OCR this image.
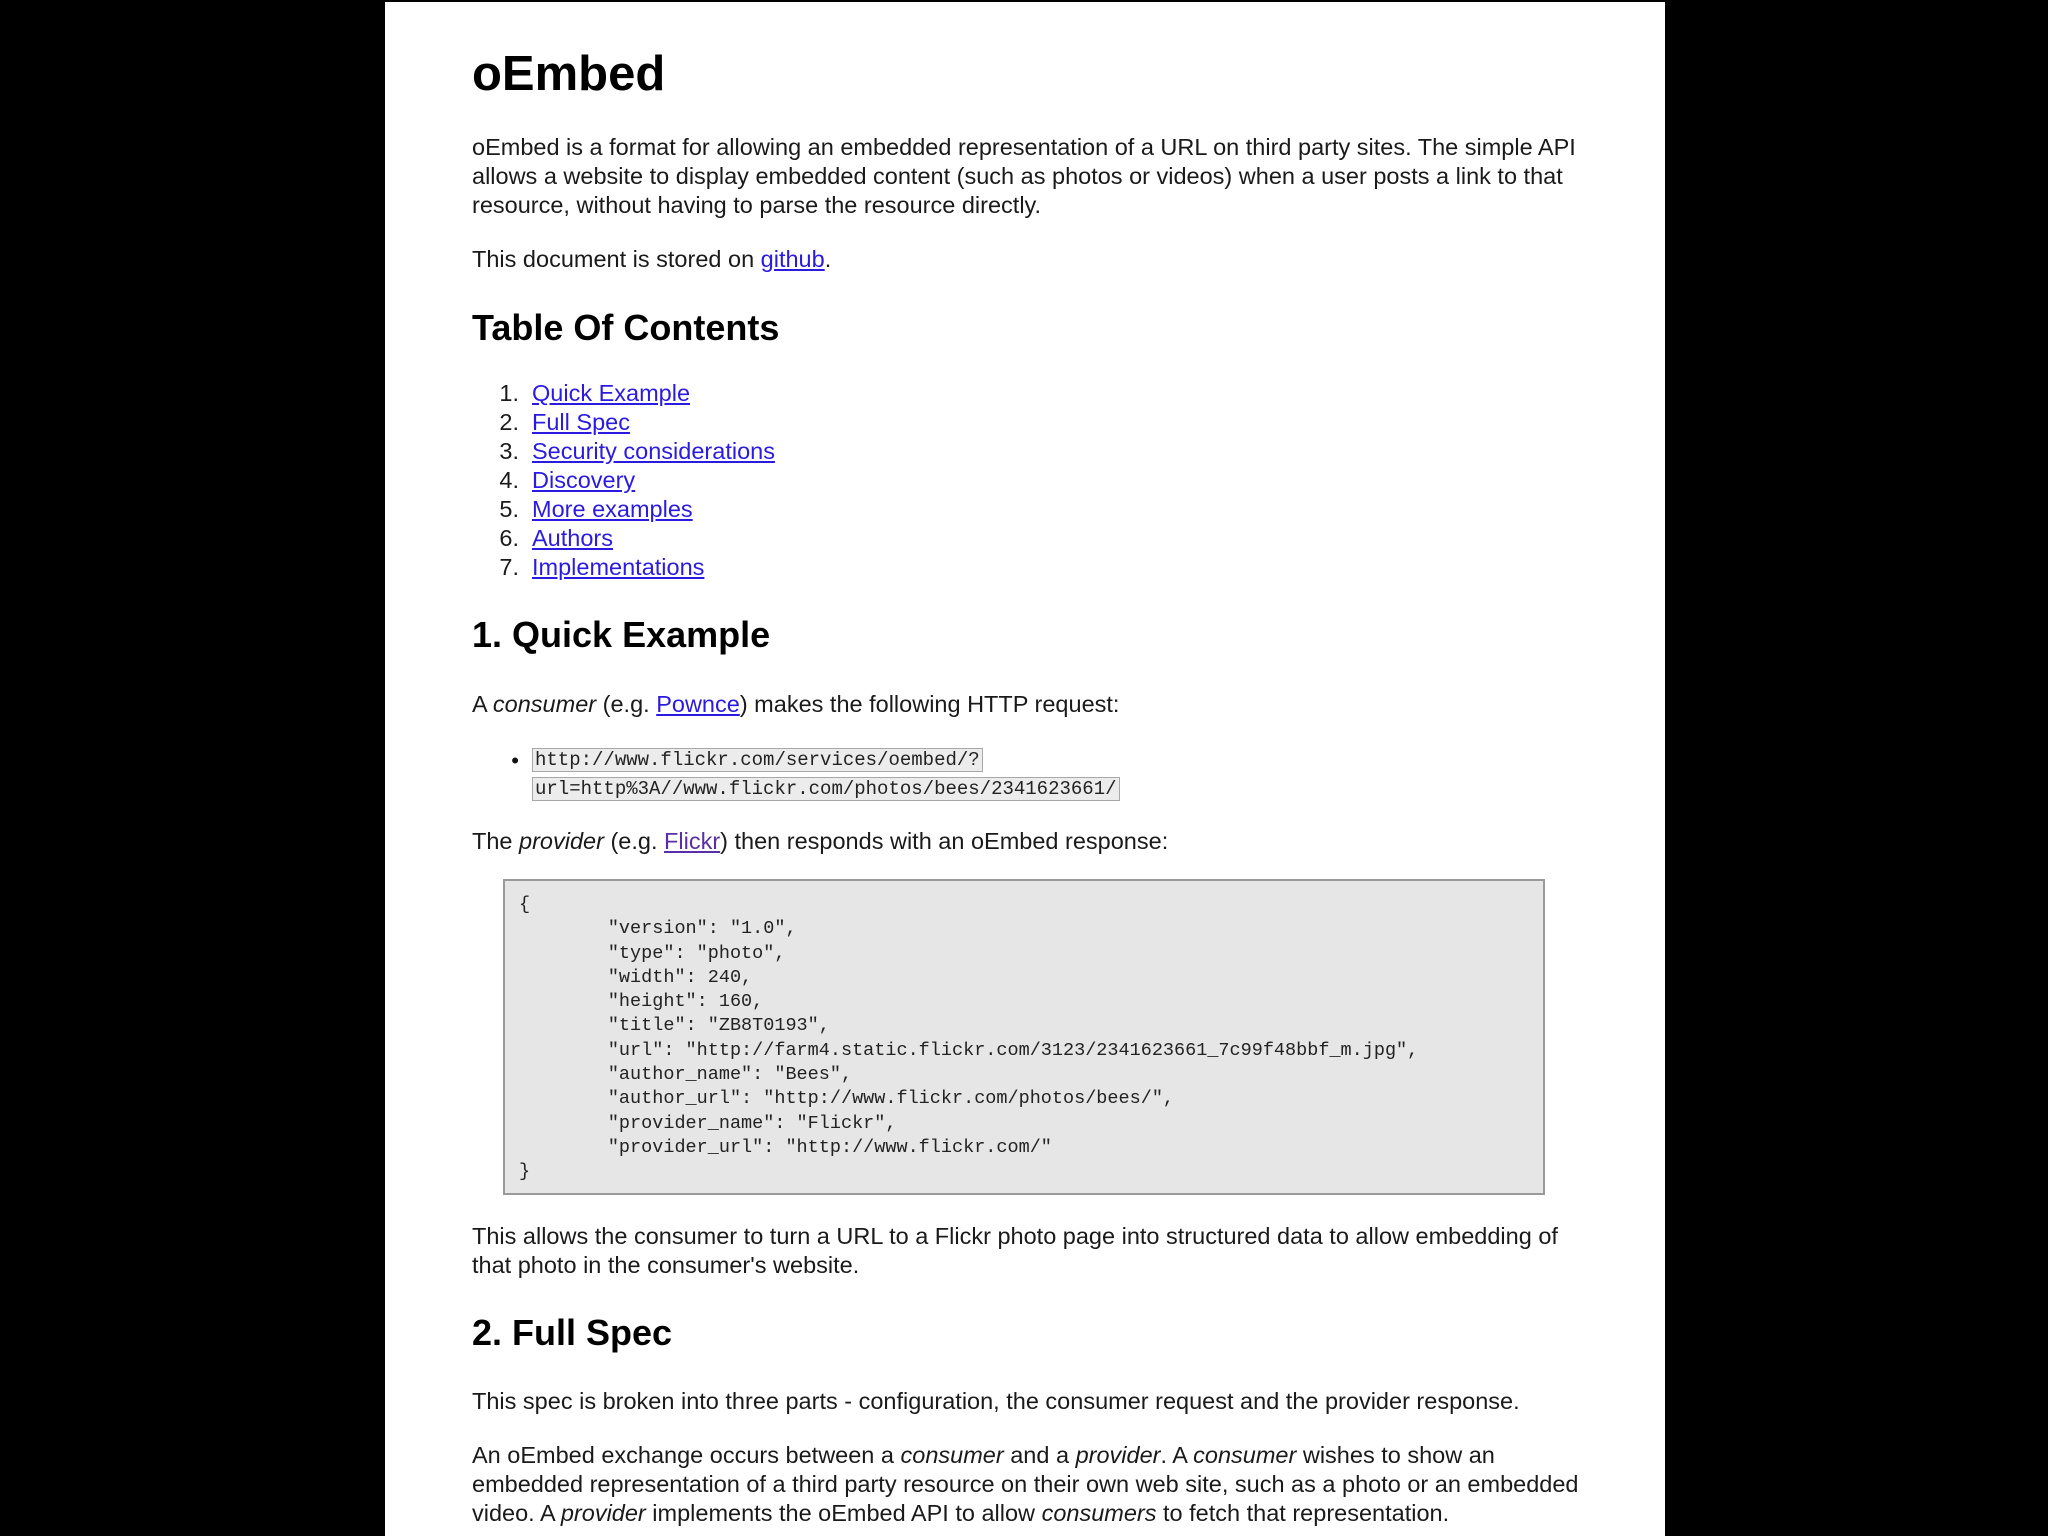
oEmbed

oEmbed is a format for allowing an embedded representation of a URL on third party sites. The simple API allows a website to display embedded content (such as photos or videos) when a user posts a link to that resource, without having to parse the resource directly.

This document is stored on github.

Table Of Contents
1. Quick Example
2. Full Spec
3. Security considerations
4. Discovery
5. More examples
6. Authors
7. Implementations
1. Quick Example

A consumer (e.g. Pownce) makes the following HTTP request:

• http://www.flickr.com/services/oembed/?
url=http%3A//www.flickr.com/photos/bees/2341623661/

The provider (e.g. Flickr) then responds with an oEmbed response:

{
	"version": "1.0",
	"type": "photo",
	"width": 240,
	"height": 160,
	"title": "ZB8T0193",
	"url": "http://farm4.static.flickr.com/3123/2341623661_7c99f48bbf_m.jpg",
	"author_name": "Bees",
	"author_url": "http://www.flickr.com/photos/bees/",
	"provider_name": "Flickr",
	"provider_url": "http://www.flickr.com/"
}

This allows the consumer to turn a URL to a Flickr photo page into structured data to allow embedding of that photo in the consumer's website.

2. Full Spec

This spec is broken into three parts - configuration, the consumer request and the provider response.

An oEmbed exchange occurs between a consumer and a provider. A consumer wishes to show an embedded representation of a third party resource on their own web site, such as a photo or an embedded video. A provider implements the oEmbed API to allow consumers to fetch that representation.
